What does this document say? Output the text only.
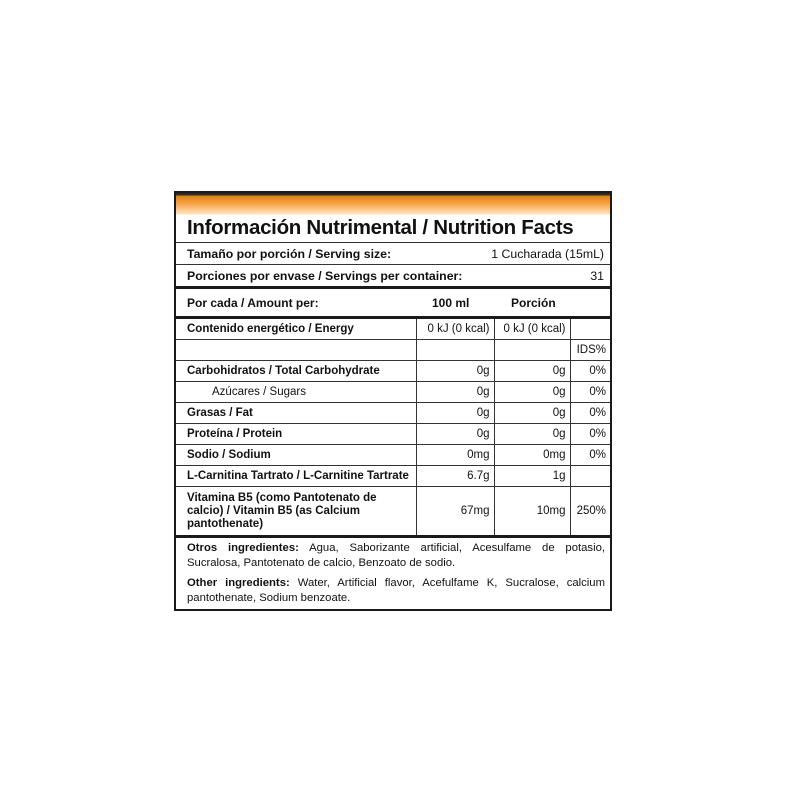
Información Nutrimental / Nutrition Facts
Tamaño por porción / Serving size:	1 Cucharada (15mL)
Porciones por envase / Servings per container:	31
Por cada / Amount per:	100 ml	Porción
Contenido energético / Energy	0 kJ (0 kcal)	0 kJ (0 kcal)	
			IDS%
Carbohidratos / Total Carbohydrate	0g	0g	0%
Azúcares / Sugars	0g	0g	0%
Grasas / Fat	0g	0g	0%
Proteína / Protein	0g	0g	0%
Sodio / Sodium	0mg	0mg	0%
L-Carnitina Tartrato / L-Carnitine Tartrate	6.7g	1g	
Vitamina B5 (como Pantotenato de calcio) / Vitamin B5 (as Calcium pantothenate)	67mg	10mg	250%

Otros ingredientes: Agua, Saborizante artificial, Acesulfame de potasio, Sucralosa, Pantotenato de calcio, Benzoato de sodio.

Other ingredients: Water, Artificial flavor, Acefulfame K, Sucralose, calcium pantothenate, Sodium benzoate.
